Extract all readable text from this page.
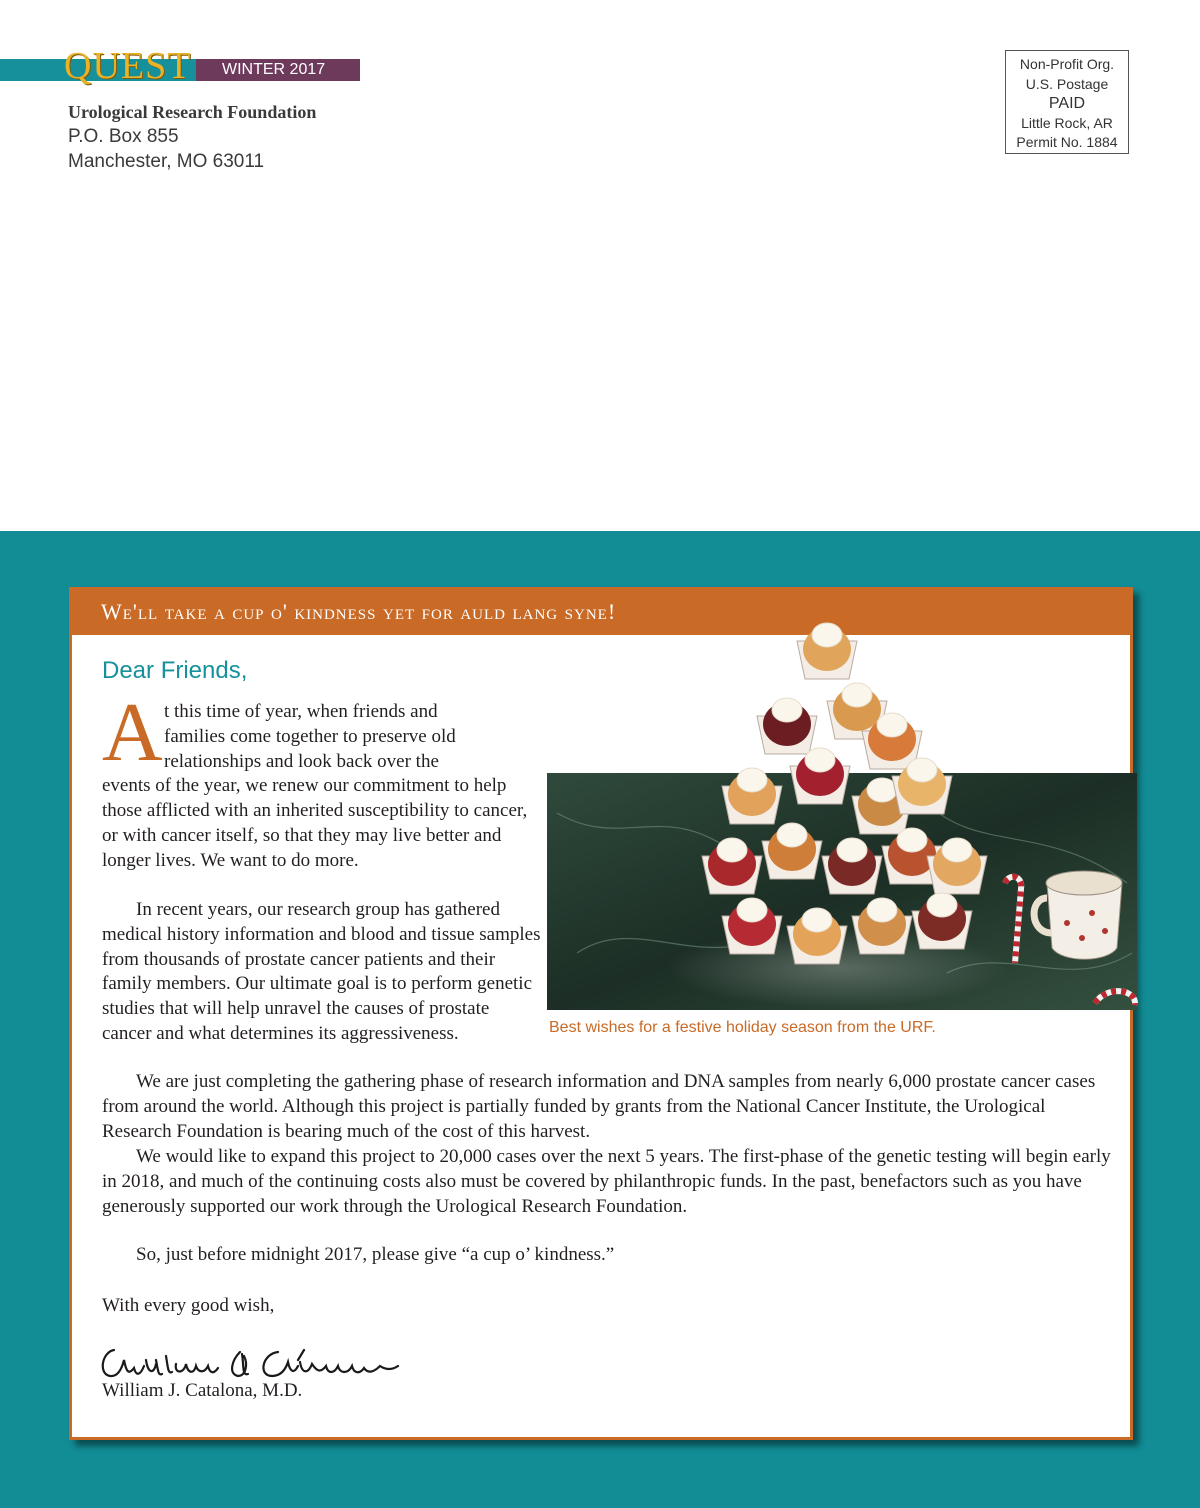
QUEST WINTER 2017
Urological Research Foundation
P.O. Box 855
Manchester, MO 63011
Non-Profit Org.
U.S. Postage
PAID
Little Rock, AR
Permit No. 1884
We'll take a cup o' kindness yet for auld lang syne!
Dear Friends,
A t this time of year, when friends and
families come together to preserve old
relationships and look back over the
events of the year, we renew our commitment to help those afflicted with an inherited susceptibility to cancer, or with cancer itself, so that they may live better and longer lives. We want to do more.

In recent years, our research group has gathered medical history information and blood and tissue samples from thousands of prostate cancer patients and their family members. Our ultimate goal is to perform genetic studies that will help unravel the causes of prostate cancer and what determines its aggressiveness.

We are just completing the gathering phase of research information and DNA samples from nearly 6,000 prostate cancer cases from around the world. Although this project is partially funded by grants from the National Cancer Institute, the Urological Research Foundation is bearing much of the cost of this harvest.

We would like to expand this project to 20,000 cases over the next 5 years. The first-phase of the genetic testing will begin early in 2018, and much of the continuing costs also must be covered by philanthropic funds. In the past, benefactors such as you have generously supported our work through the Urological Research Foundation.

So, just before midnight 2017, please give “a cup o’ kindness.”

With every good wish,

William J. Catalona, M.D.

Best wishes for a festive holiday season from the URF.
